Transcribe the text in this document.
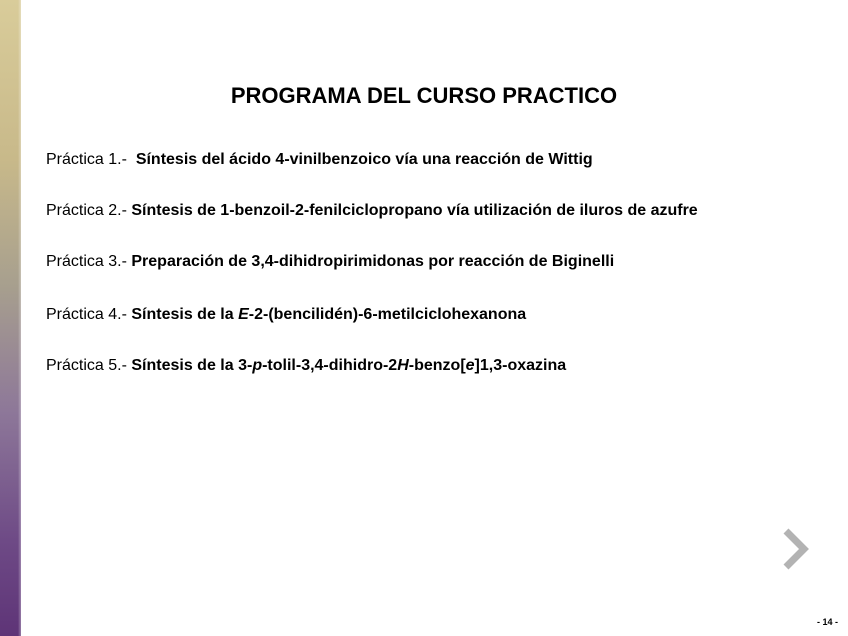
PROGRAMA DEL CURSO PRACTICO
Práctica 1.- Síntesis del ácido 4-vinilbenzoico vía una reacción de Wittig
Práctica 2.- Síntesis de 1-benzoil-2-fenilciclopropano vía utilización de iluros de azufre
Práctica 3.- Preparación de 3,4-dihidropirimidonas por reacción de Biginelli
Práctica 4.- Síntesis de la E-2-(bencilidén)-6-metilciclohexanona
Práctica 5.- Síntesis de la 3-p-tolil-3,4-dihidro-2H-benzo[e]1,3-oxazina
- 14 -
